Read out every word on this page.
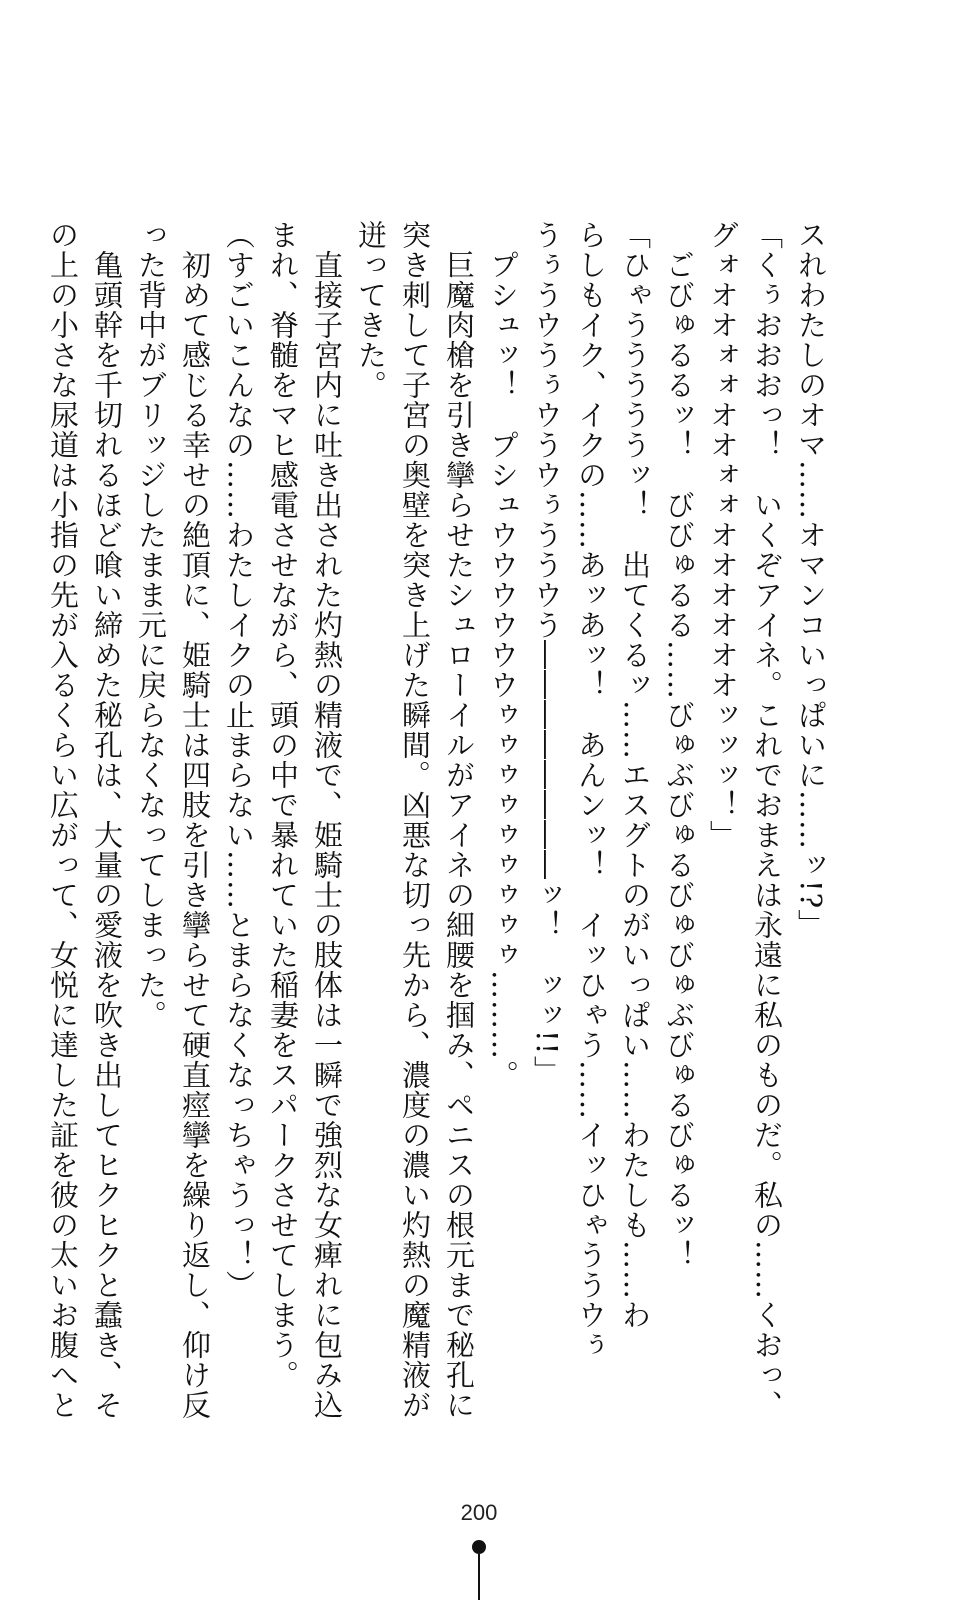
スれわたしのオマ……オマンコいっぱいに……ッ!?」

「くぅおおおっ！　いくぞアイネ。これでおまえは永遠に私のものだ。私の……くおっ、

グォオオォォオオォォオオオオオオッッッ！」

　ごびゅるるッ！　びびゅるる……びゅぶびゅるびゅびゅぶびゅるびゅるッ！

「ひゃうううううッ！　出てくるッ……エスグトのがいっぱい……わたしも……わ

らしもイク、イクの……あッあッ！　あんンッ！　イッひゃう……イッひゃううウぅ

うぅうウうぅウうウぅううウう――――――――ッ！　ッッ!!」

　プシュッ！　プシュウウウウウウゥゥゥゥゥゥゥゥゥ………。

　巨魔肉槍を引き攣らせたシュローイルがアイネの細腰を掴み、ペニスの根元まで秘孔に

突き刺して子宮の奥壁を突き上げた瞬間。凶悪な切っ先から、濃度の濃い灼熱の魔精液が

迸ってきた。

　直接子宮内に吐き出された灼熱の精液で、姫騎士の肢体は一瞬で強烈な女痺れに包み込

まれ、脊髄をマヒ感電させながら、頭の中で暴れていた稲妻をスパークさせてしまう。

（すごいこんなの……わたしイクの止まらない……とまらなくなっちゃうっ！）

　初めて感じる幸せの絶頂に、姫騎士は四肢を引き攣らせて硬直痙攣を繰り返し、仰け反

った背中がブリッジしたまま元に戻らなくなってしまった。

　亀頭幹を千切れるほど喰い締めた秘孔は、大量の愛液を吹き出してヒクヒクと蠢き、そ

の上の小さな尿道は小指の先が入るくらい広がって、女悦に達した証を彼の太いお腹へと

200
